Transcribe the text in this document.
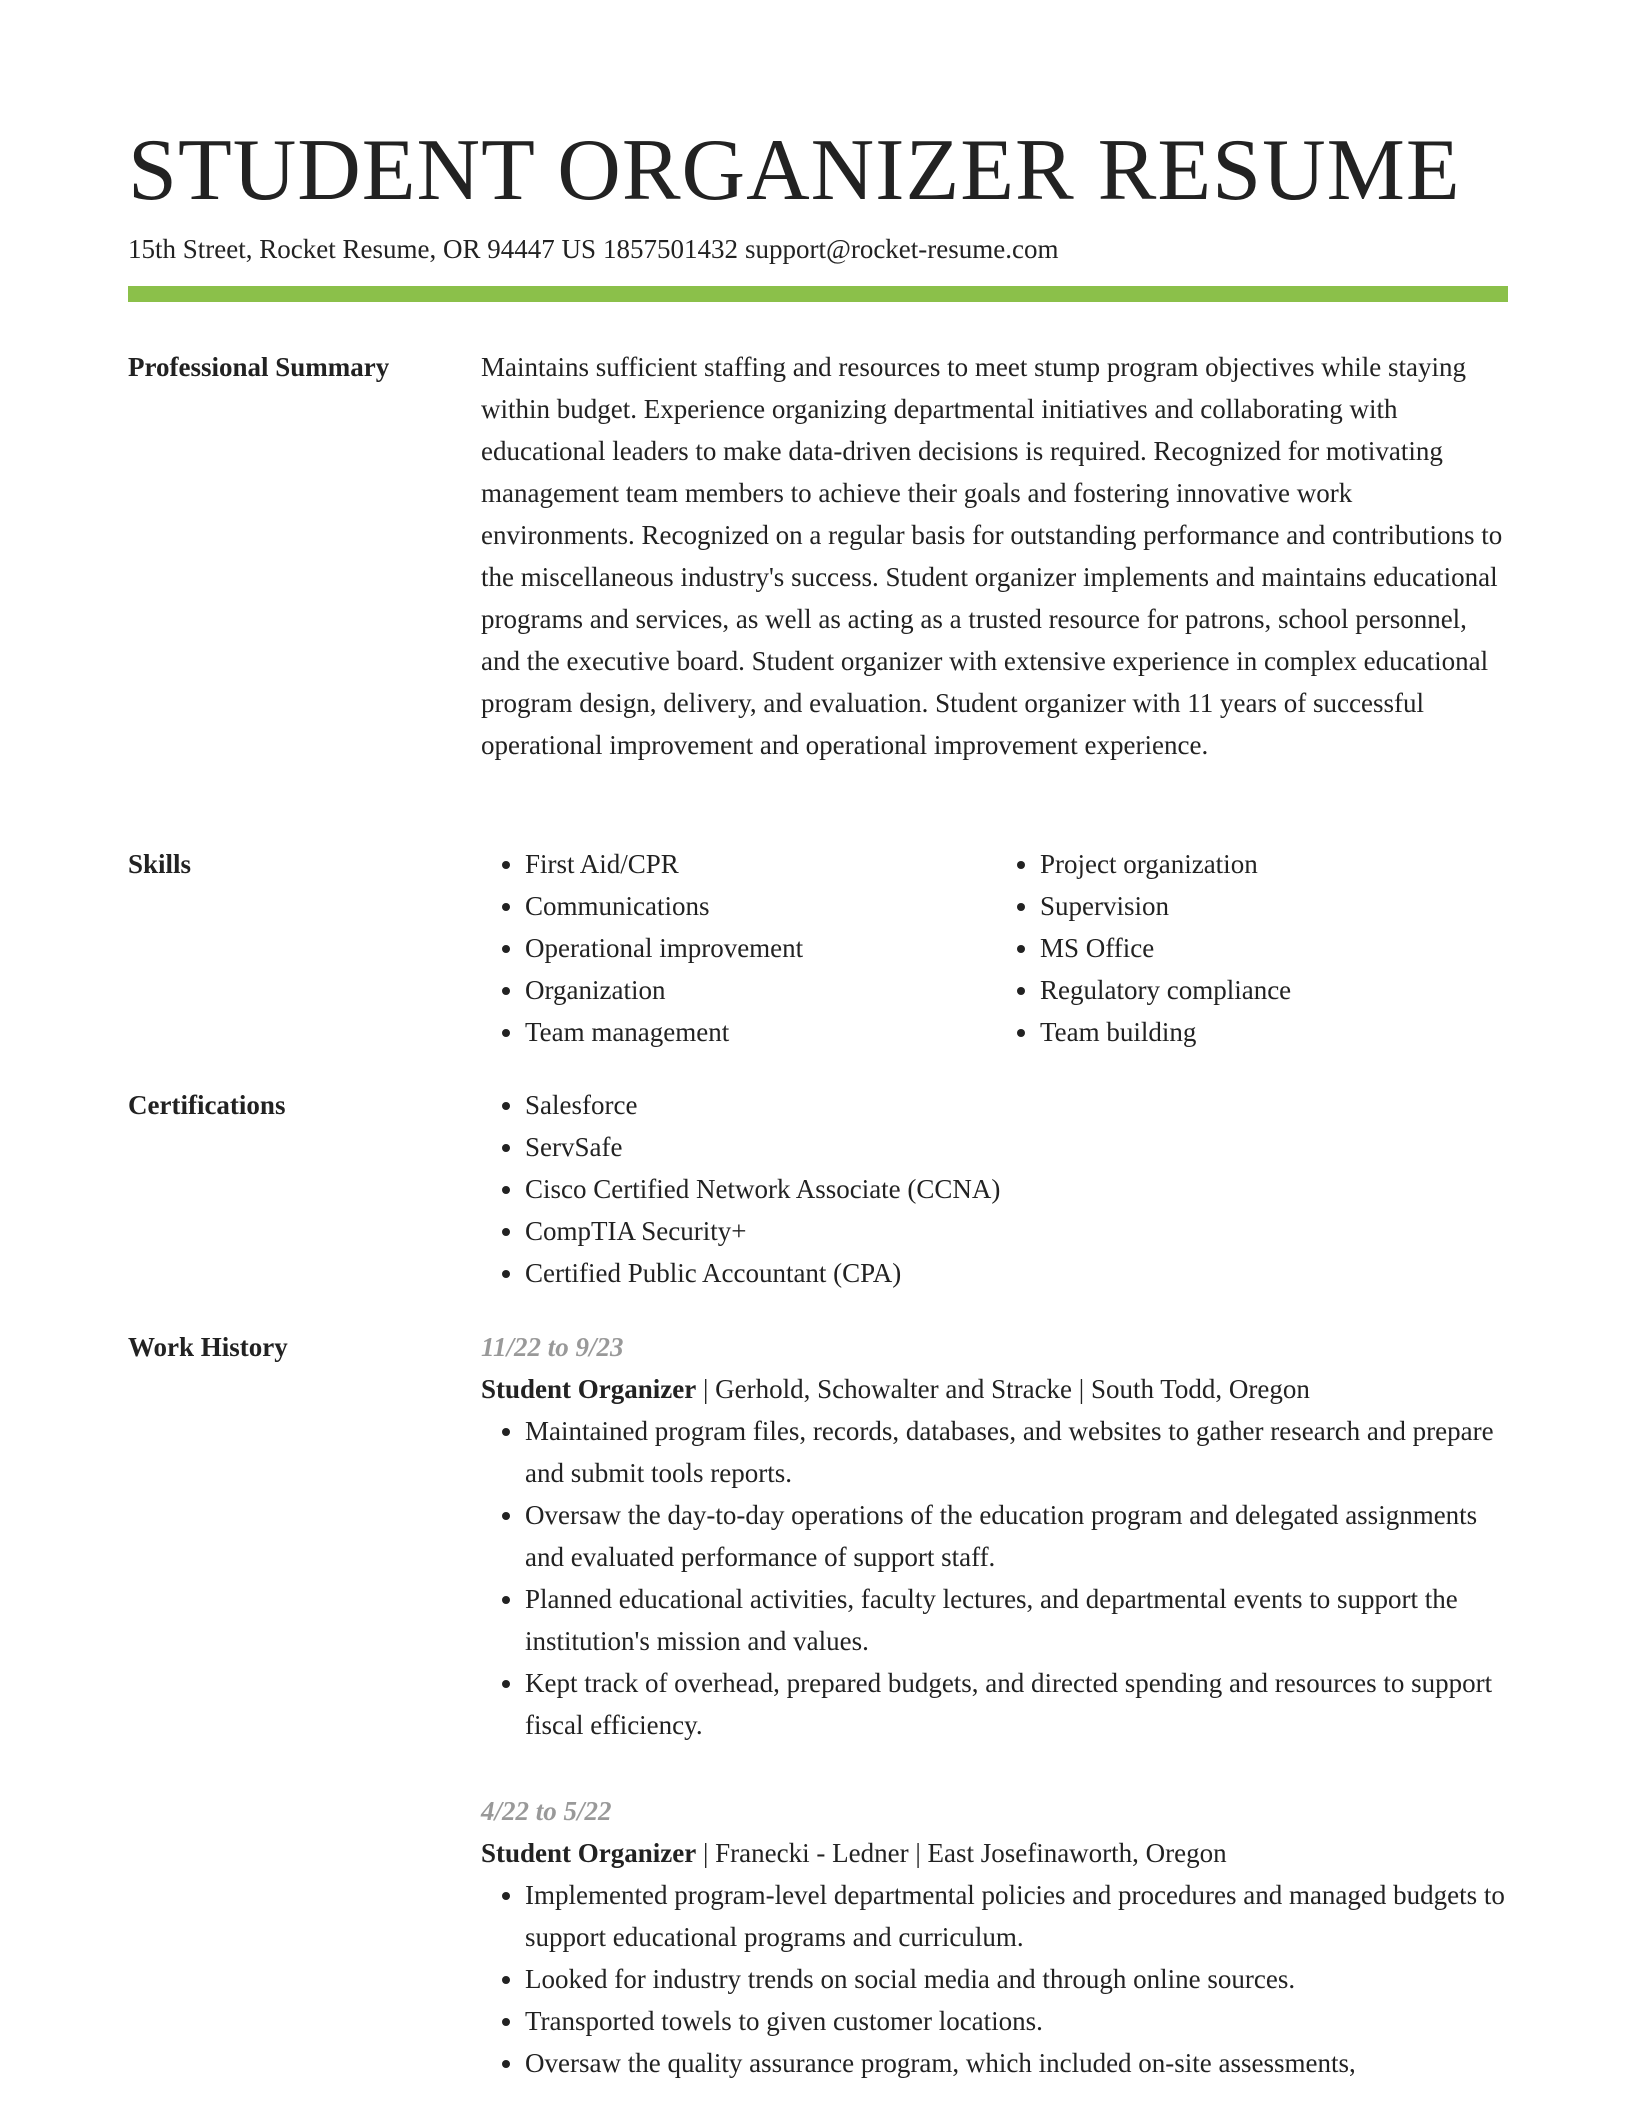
STUDENT ORGANIZER RESUME
15th Street, Rocket Resume, OR 94447 US 1857501432 support@rocket-resume.com
Professional Summary	Maintains sufficient staffing and resources to meet stump program objectives while staying within budget. Experience organizing departmental initiatives and collaborating with educational leaders to make data-driven decisions is required. Recognized for motivating management team members to achieve their goals and fostering innovative work environments. Recognized on a regular basis for outstanding performance and contributions to the miscellaneous industry's success. Student organizer implements and maintains educational programs and services, as well as acting as a trusted resource for patrons, school personnel, and the executive board. Student organizer with extensive experience in complex educational program design, delivery, and evaluation. Student organizer with 11 years of successful operational improvement and operational improvement experience.

Skills	• First Aid/CPR
• Communications
• Operational improvement
• Organization
• Team management
• Project organization
• Supervision
• MS Office
• Regulatory compliance
• Team building
Certifications	• Salesforce
• ServSafe
• Cisco Certified Network Associate (CCNA)
• CompTIA Security+
• Certified Public Accountant (CPA)
Work History	11/22 to 9/23
Student Organizer | Gerhold, Schowalter and Stracke | South Todd, Oregon
• Maintained program files, records, databases, and websites to gather research and prepare and submit tools reports.
• Oversaw the day-to-day operations of the education program and delegated assignments and evaluated performance of support staff.
• Planned educational activities, faculty lectures, and departmental events to support the institution's mission and values.
• Kept track of overhead, prepared budgets, and directed spending and resources to support fiscal efficiency.
4/22 to 5/22
Student Organizer | Franecki - Ledner | East Josefinaworth, Oregon
• Implemented program-level departmental policies and procedures and managed budgets to support educational programs and curriculum.
• Looked for industry trends on social media and through online sources.
• Transported towels to given customer locations.
• Oversaw the quality assurance program, which included on-site assessments,
